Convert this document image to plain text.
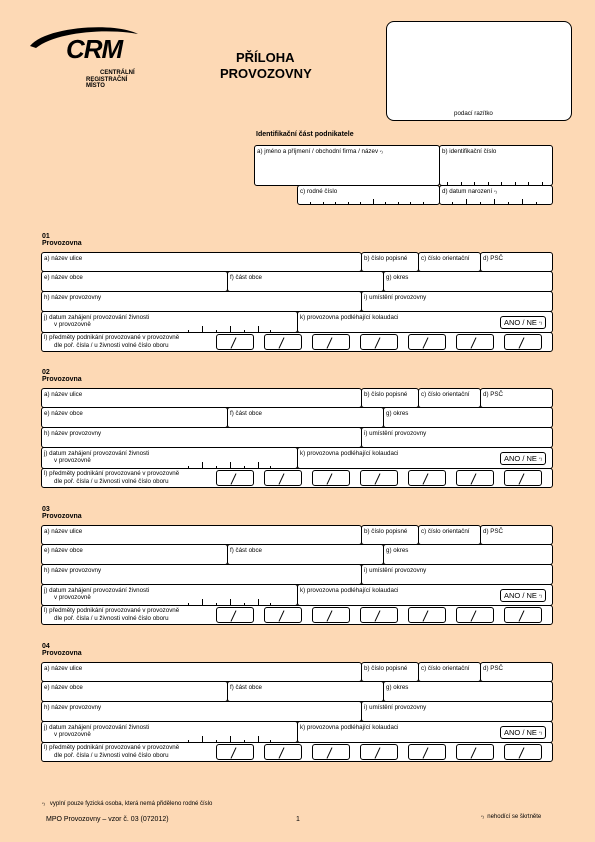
CRM
CENTRÁLNÍ
REGISTRAČNÍ MÍSTO
PŘÍLOHA
PROVOZOVNY
podací razítko
Identifikační část podnikatele
a) jméno a příjmení / obchodní firma / název *)	b) identifikační číslo
c) rodné číslo	d) datum narození *)
01 Provozovna
a) název ulice	b) číslo popisné c) číslo orientační d) PSČ
e) název obce	f) část obce	g) okres
h) název provozovny	i) umístění provozovny
j) datum zahájení provozování živnosti
v provozovně
k) provozovna podléhající kolaudaci
ANO / NE *)
l) předměty podnikání provozované v provozovně
dle poř. čísla / u živnosti volné číslo oboru
02 Provozovna
a) název ulice	b) číslo popisné c) číslo orientační d) PSČ
e) název obce	f) část obce	g) okres
h) název provozovny	i) umístění provozovny
j) datum zahájení provozování živnosti
v provozovně
k) provozovna podléhající kolaudaci
ANO / NE *)
l) předměty podnikání provozované v provozovně
dle poř. čísla / u živnosti volné číslo oboru
03 Provozovna
a) název ulice	b) číslo popisné c) číslo orientační d) PSČ
e) název obce	f) část obce	g) okres
h) název provozovny	i) umístění provozovny
j) datum zahájení provozování živnosti
v provozovně
k) provozovna podléhající kolaudaci
ANO / NE *)
l) předměty podnikání provozované v provozovně
dle poř. čísla / u živnosti volné číslo oboru
04 Provozovna
a) název ulice	b) číslo popisné c) číslo orientační d) PSČ
e) název obce	f) část obce	g) okres
h) název provozovny	i) umístění provozovny
j) datum zahájení provozování živnosti
v provozovně
k) provozovna podléhající kolaudaci
ANO / NE *)
l) předměty podnikání provozované v provozovně
dle poř. čísla / u živnosti volné číslo oboru
*) vyplní pouze fyzická osoba, která nemá přiděleno rodné číslo
MPO Provozovny – vzor č. 03 (072012)	1	*) nehodící se škrtněte
